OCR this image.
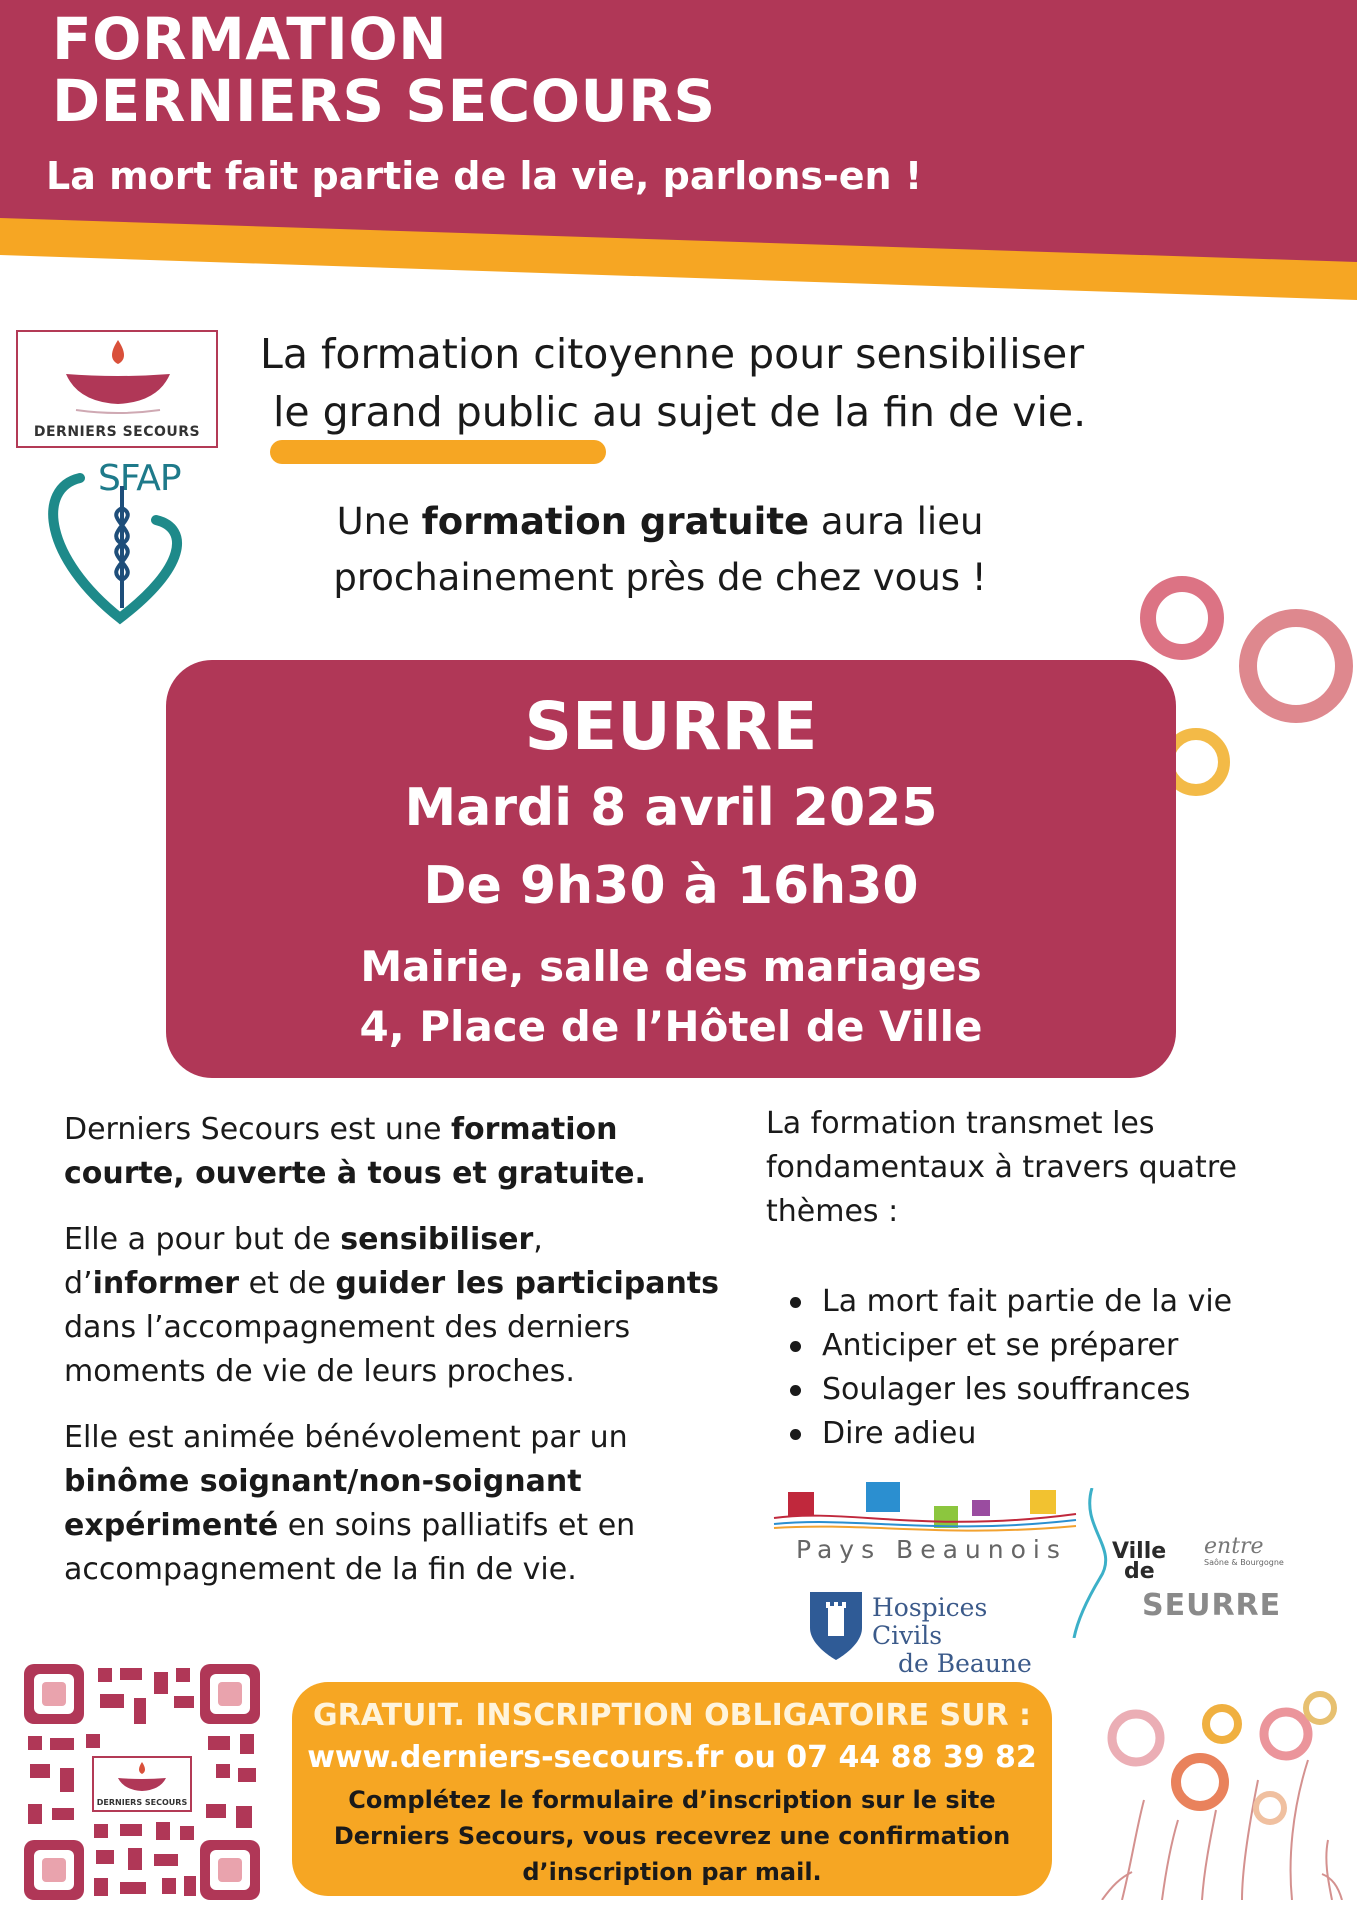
FORMATION
DERNIERS SECOURS
La mort fait partie de la vie, parlons-en !
DERNIERS SECOURS
SFAP
La formation citoyenne pour sensibiliser
le grand public au sujet de la fin de vie.
Une formation gratuite aura lieu
prochainement près de chez vous !
SEURRE
Mardi 8 avril 2025
De 9h30 à 16h30
Mairie, salle des mariages
4, Place de l’Hôtel de Ville
Derniers Secours est une formation
courte, ouverte à tous et gratuite.
Elle a pour but de sensibiliser,
d’informer et de guider les participants
dans l’accompagnement des derniers
moments de vie de leurs proches.
Elle est animée bénévolement par un
binôme soignant/non-soignant
expérimenté en soins palliatifs et en
accompagnement de la fin de vie.
La formation transmet les
fondamentaux à travers quatre
thèmes :
La mort fait partie de la vie
Anticiper et se préparer
Soulager les souffrances
Dire adieu
Pays Beaunois
Hospices Civils
de Beaune
Ville
de
entre
Saône & Bourgogne
SEURRE
DERNIERS SECOURS
GRATUIT. INSCRIPTION OBLIGATOIRE SUR :
www.derniers-secours.fr ou 07 44 88 39 82
Complétez le formulaire d’inscription sur le site
Derniers Secours, vous recevrez une confirmation
d’inscription par mail.
